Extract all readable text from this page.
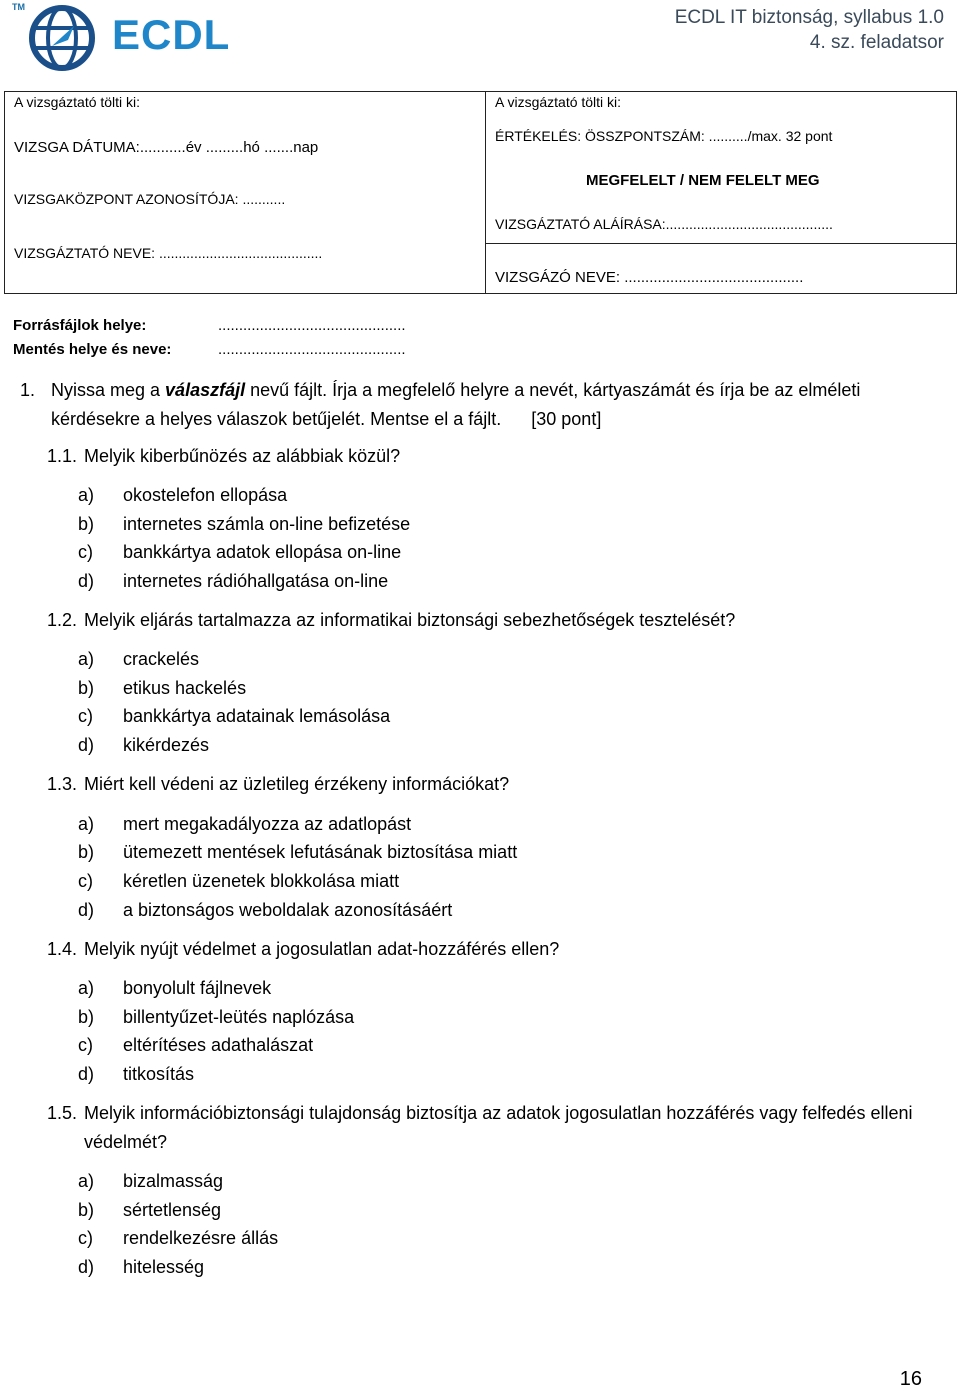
TM
ECDL	ECDL IT biztonság, syllabus 1.0
4. sz. feladatsor
A vizsgáztató tölti ki:
VIZSGA DÁTUMA:...........év .........hó .......nap
VIZSGAKÖZPONT AZONOSÍTÓJA: ...........
VIZSGÁZTATÓ NEVE: ..........................................

A vizsgáztató tölti ki:
ÉRTÉKELÉS: ÖSSZPONTSZÁM: ........../max. 32 pont
MEGFELELT / NEM FELELT MEG
VIZSGÁZTATÓ ALÁÍRÁSA:...........................................
VIZSGÁZÓ NEVE: ...........................................
Forrásfájlok helye:	.............................................
Mentés helye és neve:	.............................................
1. Nyissa meg a válaszfájl nevű fájlt. Írja a megfelelő helyre a nevét, kártyaszámát és írja be az elméleti kérdésekre a helyes válaszok betűjelét. Mentse el a fájlt. [30 pont]
1.1. Melyik kiberbűnözés az alábbiak közül?
a) okostelefon ellopása
b) internetes számla on-line befizetése
c) bankkártya adatok ellopása on-line
d) internetes rádióhallgatása on-line
1.2. Melyik eljárás tartalmazza az informatikai biztonsági sebezhetőségek tesztelését?
a) crackelés
b) etikus hackelés
c) bankkártya adatainak lemásolása
d) kikérdezés
1.3. Miért kell védeni az üzletileg érzékeny információkat?
a) mert megakadályozza az adatlopást
b) ütemezett mentések lefutásának biztosítása miatt
c) kéretlen üzenetek blokkolása miatt
d) a biztonságos weboldalak azonosításáért
1.4. Melyik nyújt védelmet a jogosulatlan adat-hozzáférés ellen?
a) bonyolult fájlnevek
b) billentyűzet-leütés naplózása
c) eltérítéses adathalászat
d) titkosítás
1.5. Melyik információbiztonsági tulajdonság biztosítja az adatok jogosulatlan hozzáférés vagy felfedés elleni védelmét?
a) bizalmasság
b) sértetlenség
c) rendelkezésre állás
d) hitelesség
16
